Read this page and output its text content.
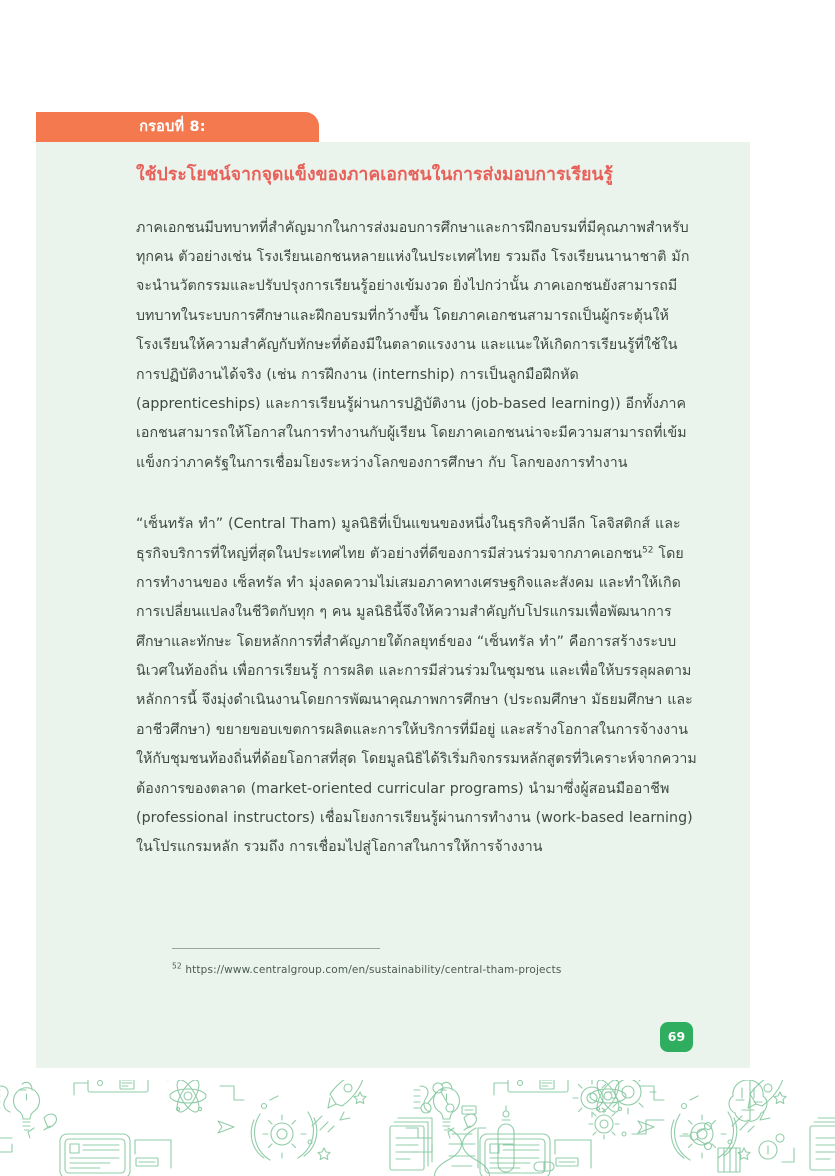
กรอบที่ 8:
ใช้ประโยชน์จากจุดแข็งของภาคเอกชนในการส่งมอบการเรียนรู้

ภาคเอกชนมีบทบาทที่สำคัญมากในการส่งมอบการศึกษาและการฝึกอบรมที่มีคุณภาพสำหรับทุกคน ตัวอย่างเช่น โรงเรียนเอกชนหลายแห่งในประเทศไทย รวมถึง โรงเรียนนานาชาติ มักจะนำนวัตกรรมและปรับปรุงการเรียนรู้อย่างเข้มงวด ยิ่งไปกว่านั้น ภาคเอกชนยังสามารถมีบทบาทในระบบการศึกษาและฝึกอบรมที่กว้างขึ้น โดยภาคเอกชนสามารถเป็นผู้กระตุ้นให้โรงเรียนให้ความสำคัญกับทักษะที่ต้องมีในตลาดแรงงาน และแนะให้เกิดการเรียนรู้ที่ใช้ในการปฏิบัติงานได้จริง (เช่น การฝึกงาน (internship) การเป็นลูกมือฝึกหัด (apprenticeships) และการเรียนรู้ผ่านการปฏิบัติงาน (job-based learning)) อีกทั้งภาคเอกชนสามารถให้โอกาสในการทำงานกับผู้เรียน โดยภาคเอกชนน่าจะมีความสามารถที่เข้มแข็งกว่าภาครัฐในการเชื่อมโยงระหว่างโลกของการศึกษา กับ โลกของการทำงาน

“เซ็นทรัล ทำ” (Central Tham) มูลนิธิที่เป็นแขนของหนึ่งในธุรกิจค้าปลีก โลจิสติกส์ และธุรกิจบริการที่ใหญ่ที่สุดในประเทศไทย ตัวอย่างที่ดีของการมีส่วนร่วมจากภาคเอกชน$^{52}$ โดยการทำงานของ เซ็ลทรัล ทำ มุ่งลดความไม่เสมอภาคทางเศรษฐกิจและสังคม และทำให้เกิดการเปลี่ยนแปลงในชีวิตกับทุก ๆ คน มูลนิธินี้จึงให้ความสำคัญกับโปรแกรมเพื่อพัฒนาการศึกษาและทักษะ โดยหลักการที่สำคัญภายใต้กลยุทธ์ของ “เซ็นทรัล ทำ” คือการสร้างระบบนิเวศในท้องถิ่น เพื่อการเรียนรู้ การผลิต และการมีส่วนร่วมในชุมชน และเพื่อให้บรรลุผลตามหลักการนี้ จึงมุ่งดำเนินงานโดยการพัฒนาคุณภาพการศึกษา (ประถมศึกษา มัธยมศึกษา และอาชีวศึกษา) ขยายขอบเขตการผลิตและการให้บริการที่มีอยู่ และสร้างโอกาสในการจ้างงานให้กับชุมชนท้องถิ่นที่ด้อยโอกาสที่สุด โดยมูลนิธิได้ริเริ่มกิจกรรมหลักสูตรที่วิเคราะห์จากความต้องการของตลาด (market-oriented curricular programs) นำมาซึ่งผู้สอนมืออาชีพ (professional instructors) เชื่อมโยงการเรียนรู้ผ่านการทำงาน (work-based learning) ในโปรแกรมหลัก รวมถึง การเชื่อมไปสู่โอกาสในการให้การจ้างงาน

$^{52}$ https://www.centralgroup.com/en/sustainability/central-tham-projects
69
